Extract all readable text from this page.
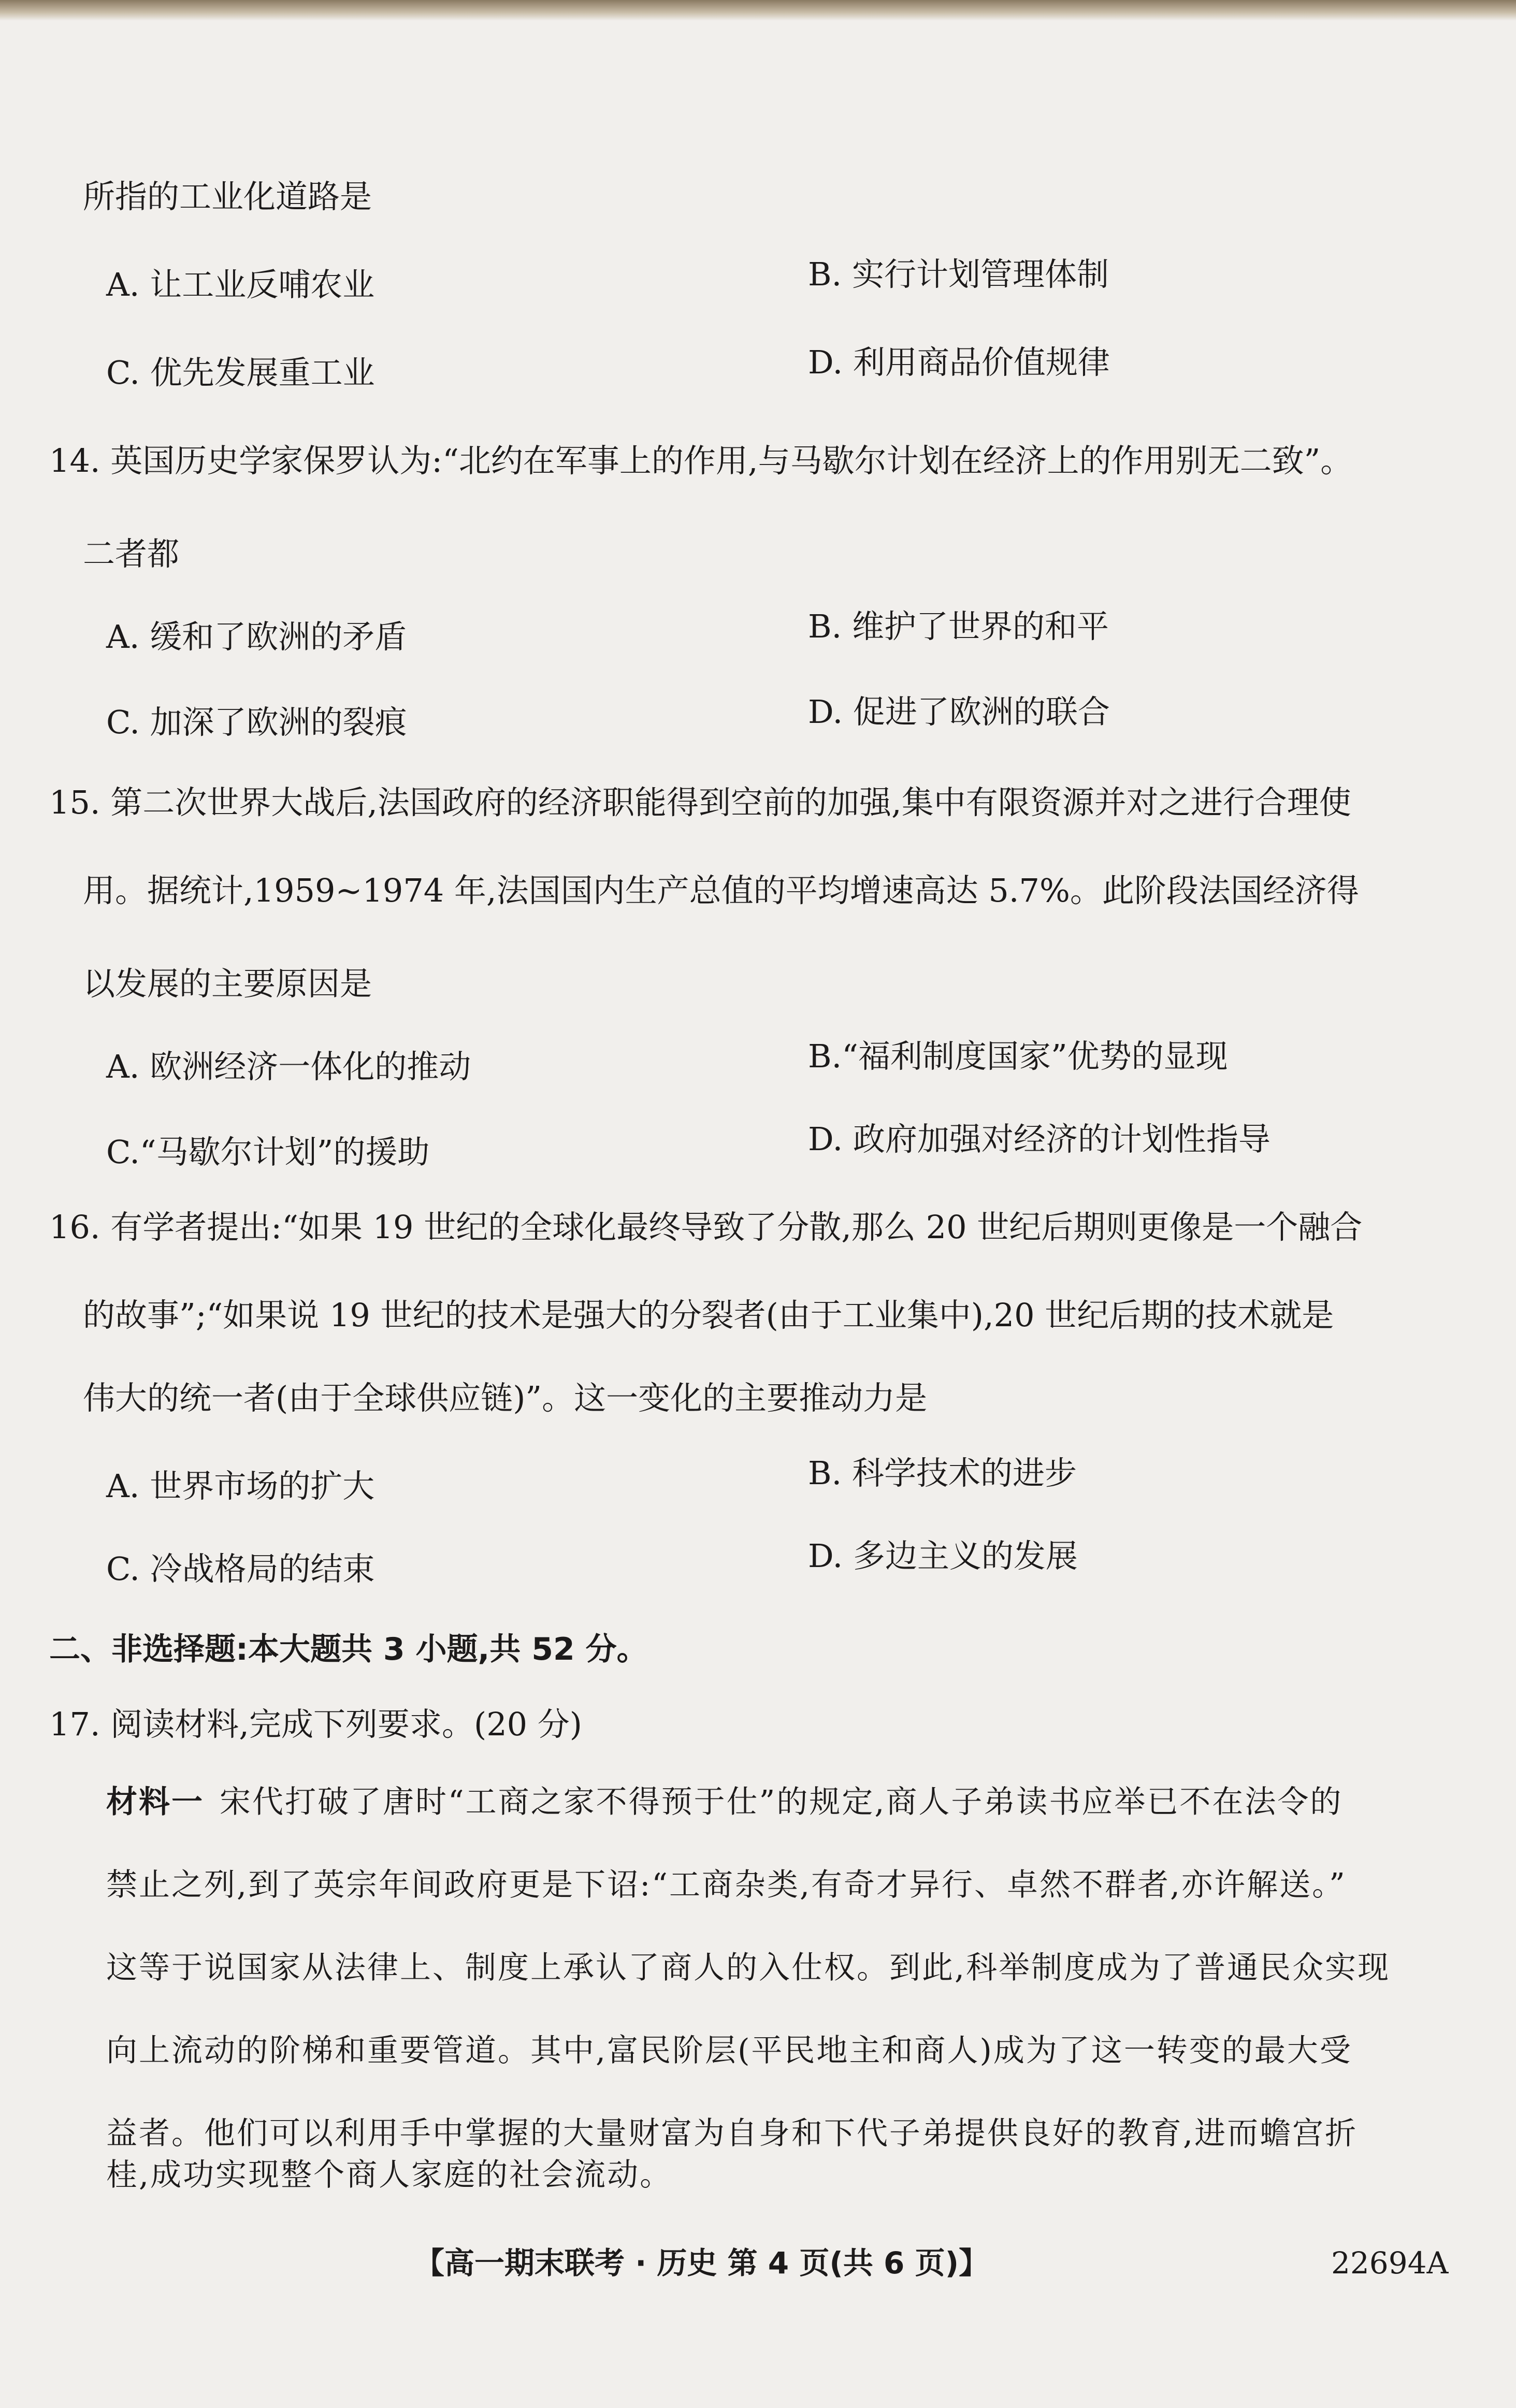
所指的工业化道路是
A. 让工业反哺农业	B. 实行计划管理体制
C. 优先发展重工业	D. 利用商品价值规律
14. 英国历史学家保罗认为:“北约在军事上的作用,与马歇尔计划在经济上的作用别无二致”。
二者都
A. 缓和了欧洲的矛盾	B. 维护了世界的和平
C. 加深了欧洲的裂痕	D. 促进了欧洲的联合
15. 第二次世界大战后,法国政府的经济职能得到空前的加强,集中有限资源并对之进行合理使
用。据统计,1959~1974 年,法国国内生产总值的平均增速高达 5.7%。此阶段法国经济得
以发展的主要原因是
A. 欧洲经济一体化的推动	B.“福利制度国家”优势的显现
C.“马歇尔计划”的援助	D. 政府加强对经济的计划性指导
16. 有学者提出:“如果 19 世纪的全球化最终导致了分散,那么 20 世纪后期则更像是一个融合
的故事”;“如果说 19 世纪的技术是强大的分裂者(由于工业集中),20 世纪后期的技术就是
伟大的统一者(由于全球供应链)”。这一变化的主要推动力是
A. 世界市场的扩大	B. 科学技术的进步
C. 冷战格局的结束	D. 多边主义的发展
二、非选择题:本大题共 3 小题,共 52 分。
17. 阅读材料,完成下列要求。(20 分)
材料一 宋代打破了唐时“工商之家不得预于仕”的规定,商人子弟读书应举已不在法令的
禁止之列,到了英宗年间政府更是下诏:“工商杂类,有奇才异行、卓然不群者,亦许解送。”
这等于说国家从法律上、制度上承认了商人的入仕权。到此,科举制度成为了普通民众实现
向上流动的阶梯和重要管道。其中,富民阶层(平民地主和商人)成为了这一转变的最大受
益者。他们可以利用手中掌握的大量财富为自身和下代子弟提供良好的教育,进而蟾宫折
桂,成功实现整个商人家庭的社会流动。
【高一期末联考 · 历史 第 4 页(共 6 页)】	22694A
